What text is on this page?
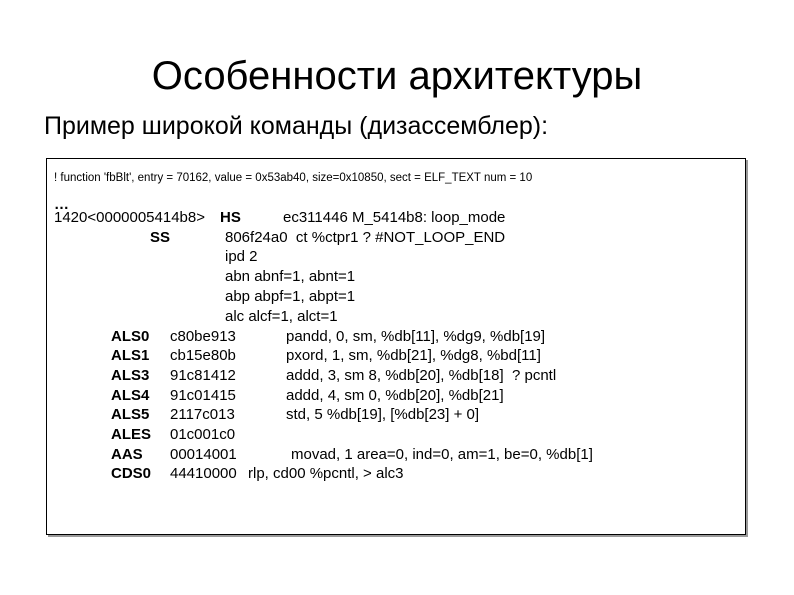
Особенности архитектуры
Пример широкой команды (дизассемблер):
! function 'fbBlt', entry = 70162, value = 0x53ab40, size=0x10850, sect = ELF_TEXT num = 10
…
1420<0000005414b8> HS	ec311446 M_5414b8: loop_mode
SS	806f24a0  ct %ctpr1 ? #NOT_LOOP_END
ipd 2
abn abnf=1, abnt=1
abp abpf=1, abpt=1
alc alcf=1, alct=1
ALS0 c80be913	pandd, 0, sm, %db[11], %dg9, %db[19]
ALS1 cb15e80b	pxord, 1, sm, %db[21], %dg8, %bd[11]
ALS3 91c81412	addd, 3, sm 8, %db[20], %db[18]  ? pcntl
ALS4 91c01415	addd, 4, sm 0, %db[20], %db[21]
ALS5 2117c013	std, 5 %db[19], [%db[23] + 0]
ALES 01c001c0
AAS 00014001	movad, 1 area=0, ind=0, am=1, be=0, %db[1]
CDS0 44410000 rlp, cd00 %pcntl, > alc3
